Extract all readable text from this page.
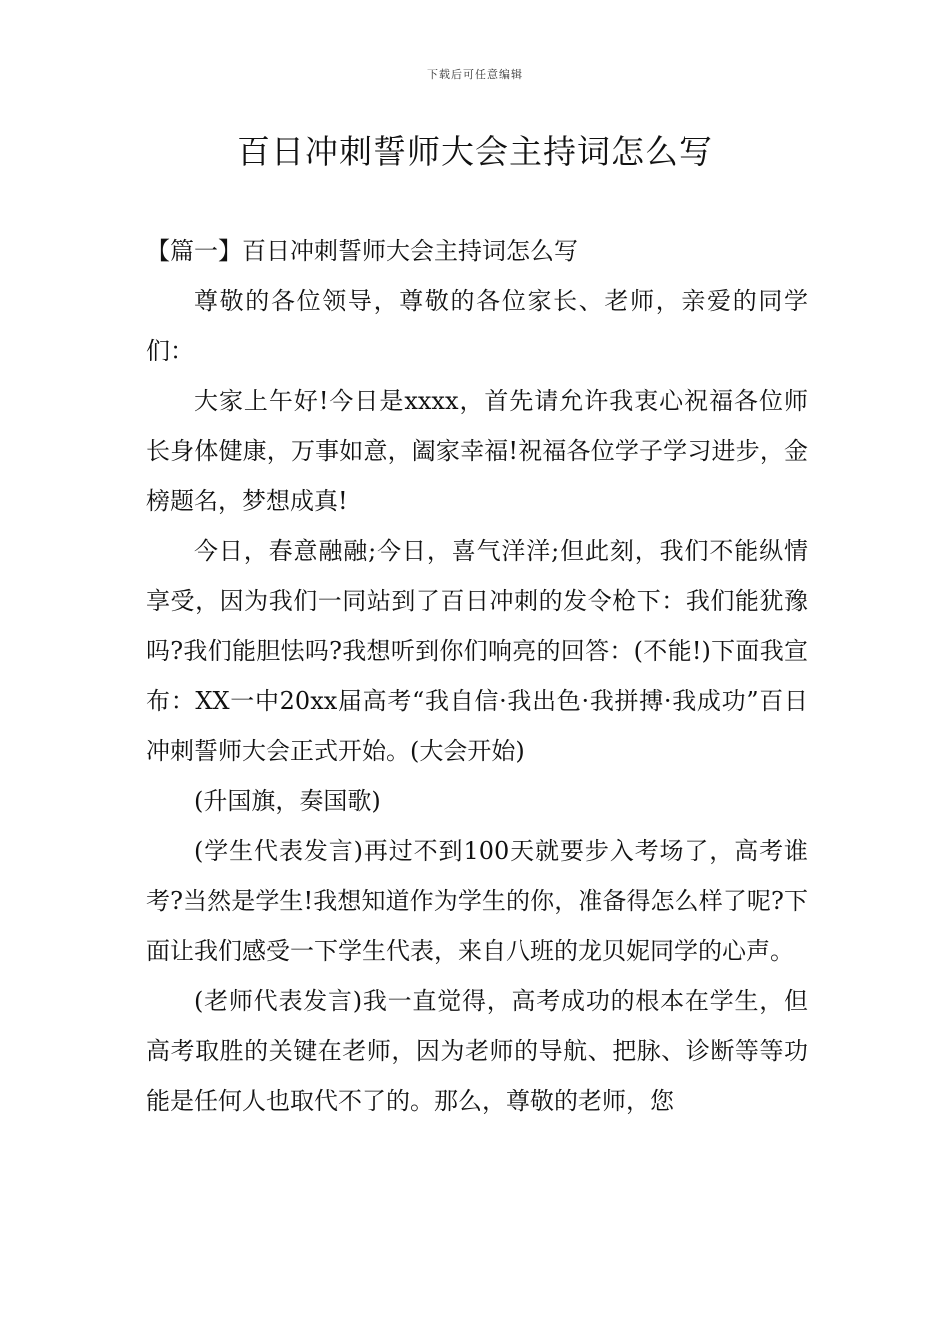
下载后可任意编辑
百日冲刺誓师大会主持词怎么写

【篇一】百日冲刺誓师大会主持词怎么写

尊敬的各位领导，尊敬的各位家长、老师，亲爱的同学们：

大家上午好!今日是xxxx，首先请允许我衷心祝福各位师长身体健康，万事如意，阖家幸福!祝福各位学子学习进步，金榜题名，梦想成真!

今日，春意融融;今日，喜气洋洋;但此刻，我们不能纵情享受，因为我们一同站到了百日冲刺的发令枪下：我们能犹豫吗?我们能胆怯吗?我想听到你们响亮的回答：(不能!)下面我宣布：XX一中20xx届高考“我自信·我出色·我拼搏·我成功”百日冲刺誓师大会正式开始。(大会开始)

(升国旗，奏国歌)

(学生代表发言)再过不到100天就要步入考场了，高考谁考?当然是学生!我想知道作为学生的你，准备得怎么样了呢?下面让我们感受一下学生代表，来自八班的龙贝妮同学的心声。

(老师代表发言)我一直觉得，高考成功的根本在学生，但高考取胜的关键在老师，因为老师的导航、把脉、诊断等等功能是任何人也取代不了的。那么，尊敬的老师，您
